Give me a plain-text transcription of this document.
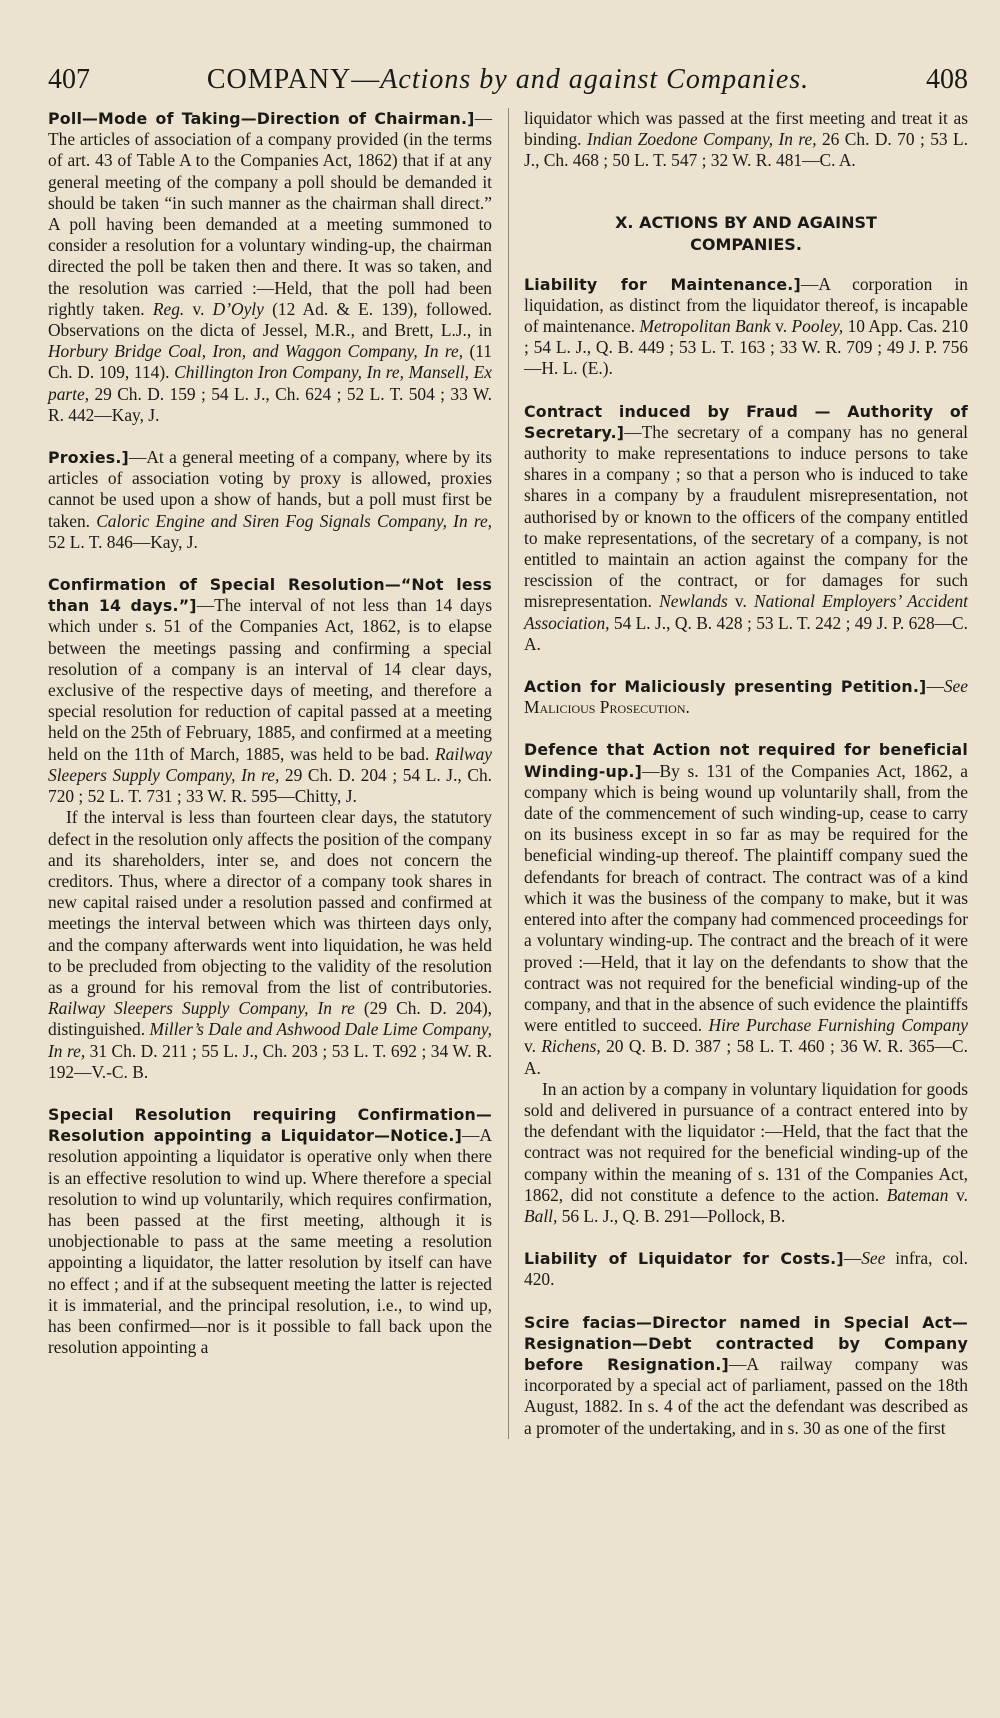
407	COMPANY—Actions by and against Companies.	408

Poll—Mode of Taking—Direction of Chairman.]—The articles of association of a company provided (in the terms of art. 43 of Table A to the Companies Act, 1862) that if at any general meeting of the company a poll should be demanded it should be taken “in such manner as the chairman shall direct.” A poll having been demanded at a meeting summoned to consider a resolution for a voluntary winding-up, the chairman directed the poll be taken then and there. It was so taken, and the resolution was carried :—Held, that the poll had been rightly taken. Reg. v. D’Oyly (12 Ad. & E. 139), followed. Observations on the dicta of Jessel, M.R., and Brett, L.J., in Horbury Bridge Coal, Iron, and Waggon Company, In re, (11 Ch. D. 109, 114). Chillington Iron Company, In re, Mansell, Ex parte, 29 Ch. D. 159 ; 54 L. J., Ch. 624 ; 52 L. T. 504 ; 33 W. R. 442—Kay, J.

Proxies.]—At a general meeting of a company, where by its articles of association voting by proxy is allowed, proxies cannot be used upon a show of hands, but a poll must first be taken. Caloric Engine and Siren Fog Signals Company, In re, 52 L. T. 846—Kay, J.

Confirmation of Special Resolution—“Not less than 14 days.”]—The interval of not less than 14 days which under s. 51 of the Companies Act, 1862, is to elapse between the meetings passing and confirming a special resolution of a company is an interval of 14 clear days, exclusive of the respective days of meeting, and therefore a special resolution for reduction of capital passed at a meeting held on the 25th of February, 1885, and confirmed at a meeting held on the 11th of March, 1885, was held to be bad. Railway Sleepers Supply Company, In re, 29 Ch. D. 204 ; 54 L. J., Ch. 720 ; 52 L. T. 731 ; 33 W. R. 595—Chitty, J.

If the interval is less than fourteen clear days, the statutory defect in the resolution only affects the position of the company and its shareholders, inter se, and does not concern the creditors. Thus, where a director of a company took shares in new capital raised under a resolution passed and confirmed at meetings the interval between which was thirteen days only, and the company afterwards went into liquidation, he was held to be precluded from objecting to the validity of the resolution as a ground for his removal from the list of contributories. Railway Sleepers Supply Company, In re (29 Ch. D. 204), distinguished. Miller’s Dale and Ashwood Dale Lime Company, In re, 31 Ch. D. 211 ; 55 L. J., Ch. 203 ; 53 L. T. 692 ; 34 W. R. 192—V.-C. B.

Special Resolution requiring Confirmation—Resolution appointing a Liquidator—Notice.]—A resolution appointing a liquidator is operative only when there is an effective resolution to wind up. Where therefore a special resolution to wind up voluntarily, which requires confirmation, has been passed at the first meeting, although it is unobjectionable to pass at the same meeting a resolution appointing a liquidator, the latter resolution by itself can have no effect ; and if at the subsequent meeting the latter is rejected it is immaterial, and the principal resolution, i.e., to wind up, has been confirmed—nor is it possible to fall back upon the resolution appointing a

liquidator which was passed at the first meeting and treat it as binding. Indian Zoedone Company, In re, 26 Ch. D. 70 ; 53 L. J., Ch. 468 ; 50 L. T. 547 ; 32 W. R. 481—C. A.

X. ACTIONS BY AND AGAINST
COMPANIES.

Liability for Maintenance.]—A corporation in liquidation, as distinct from the liquidator thereof, is incapable of maintenance. Metropolitan Bank v. Pooley, 10 App. Cas. 210 ; 54 L. J., Q. B. 449 ; 53 L. T. 163 ; 33 W. R. 709 ; 49 J. P. 756—H. L. (E.).

Contract induced by Fraud — Authority of Secretary.]—The secretary of a company has no general authority to make representations to induce persons to take shares in a company ; so that a person who is induced to take shares in a company by a fraudulent misrepresentation, not authorised by or known to the officers of the company entitled to make representations, of the secretary of a company, is not entitled to maintain an action against the company for the rescission of the contract, or for damages for such misrepresentation. Newlands v. National Employers’ Accident Association, 54 L. J., Q. B. 428 ; 53 L. T. 242 ; 49 J. P. 628—C. A.

Action for Maliciously presenting Petition.]—See Malicious Prosecution.

Defence that Action not required for beneficial Winding-up.]—By s. 131 of the Companies Act, 1862, a company which is being wound up voluntarily shall, from the date of the commencement of such winding-up, cease to carry on its business except in so far as may be required for the beneficial winding-up thereof. The plaintiff company sued the defendants for breach of contract. The contract was of a kind which it was the business of the company to make, but it was entered into after the company had commenced proceedings for a voluntary winding-up. The contract and the breach of it were proved :—Held, that it lay on the defendants to show that the contract was not required for the beneficial winding-up of the company, and that in the absence of such evidence the plaintiffs were entitled to succeed. Hire Purchase Furnishing Company v. Richens, 20 Q. B. D. 387 ; 58 L. T. 460 ; 36 W. R. 365—C. A.

In an action by a company in voluntary liquidation for goods sold and delivered in pursuance of a contract entered into by the defendant with the liquidator :—Held, that the fact that the contract was not required for the beneficial winding-up of the company within the meaning of s. 131 of the Companies Act, 1862, did not constitute a defence to the action. Bateman v. Ball, 56 L. J., Q. B. 291—Pollock, B.

Liability of Liquidator for Costs.]—See infra, col. 420.

Scire facias—Director named in Special Act—Resignation—Debt contracted by Company before Resignation.]—A railway company was incorporated by a special act of parliament, passed on the 18th August, 1882. In s. 4 of the act the defendant was described as a promoter of the undertaking, and in s. 30 as one of the first
